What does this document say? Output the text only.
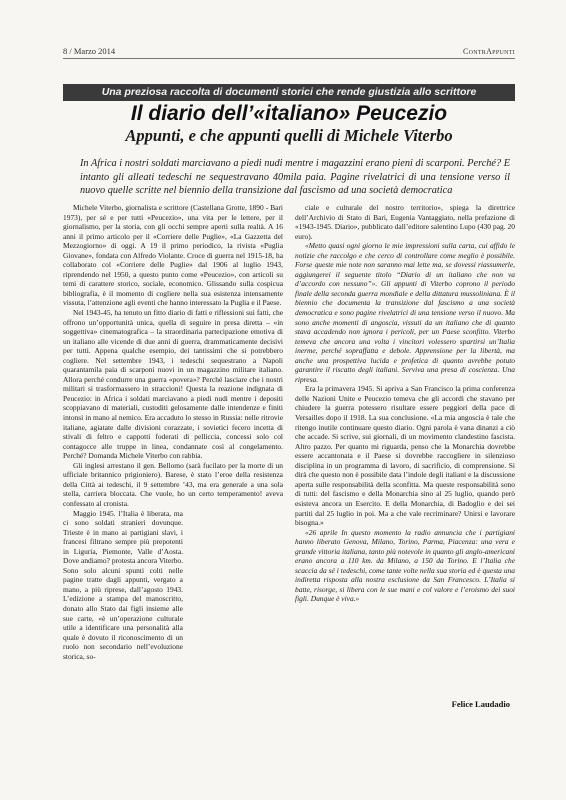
8 / Marzo 2014	ContrAppunti
Una preziosa raccolta di documenti storici che rende giustizia allo scrittore
Il diario dell’«italiano» Peucezio
Appunti, e che appunti quelli di Michele Viterbo
In Africa i nostri soldati marciavano a piedi nudi mentre i magazzini erano pieni di scarponi. Perché? E intanto gli alleati tedeschi ne sequestravano 40mila paia. Pagine rivelatrici di una tensione verso il nuovo quelle scritte nel biennio della transizione dal fascismo ad una società democratica

Michele Viterbo, giornalista e scrittore (Castellana Grotte, 1890 - Bari 1973), per sé e per tutti «Peucezio», una vita per le lettere, per il giornalismo, per la storia, con gli occhi sempre aperti sulla realtà. A 16 anni il primo articolo per il «Corriere delle Puglie», «La Gazzetta del Mezzogiorno» di oggi. A 19 il primo periodico, la rivista «Puglia Giovane», fondata con Alfredo Violante. Croce di guerra nel 1915-18, ha collaborato col «Corriere delle Puglie» dal 1906 al luglio 1943, riprendendo nel 1950, a questo punto come «Peucezio», con articoli su temi di carattere storico, sociale, economico. Glissando sulla cospicua bibliografia, è il momento di cogliere nella sua esistenza intensamente vissuta, l’attenzione agli eventi che hanno interessato la Puglia e il Paese.

Nel 1943-45, ha tenuto un fitto diario di fatti e riflessioni sui fatti, che offrono un’opportunità unica, quella di seguire in presa diretta – «in soggettiva» cinematografica – la straordinaria partecipazione emotiva di un italiano alle vicende di due anni di guerra, drammaticamente decisivi per tutti. Appena qualche esempio, dei tantissimi che si potrebbero cogliere. Nel settembre 1943, i tedeschi sequestrano a Napoli quarantamila paia di scarponi nuovi in un magazzino militare italiano. Allora perché condurre una guerra «povera»? Perché lasciare che i nostri militari si trasformassero in straccioni! Questa la reazione indignata di Peucezio: in Africa i soldati marciavano a piedi nudi mentre i depositi scoppiavano di materiali, custoditi gelosamente dalle intendenze e finiti intonsi in mano al nemico. Era accaduto lo stesso in Russia: nelle ritrovie italiane, agiatate dalle divisioni corazzate, i sovietici fecero incetta di stivali di feltro e cappotti foderati di pelliccia, concessi solo col contagocce alle truppe in linea, condannate così al congelamento. Perché? Domanda Michele Viterbo con rabbia.

Gli inglesi arrestano il gen. Bellomo (sarà fucilato per la morte di un ufficiale britannico prigioniero). Barese, è stato l’eroe della resistenza della Città ai tedeschi, il 9 settembre ’43, ma era generale a una sola stella, carriera bloccata. Che vuole, ho un certo temperamento! aveva confessato al cronista.

Maggio 1945. l’Italia è liberata, ma ci sono soldati stranieri dovunque. Trieste è in mano ai partigiani slavi, i francesi filtrano sempre più prepotenti in Liguria, Piemonte, Valle d’Aosta. Dove andiamo? protesta ancora Viterbo. Sono solo alcuni spunti colti nelle pagine tratte dagli appunti, vergato a mano, a più riprese, dall’agosto 1943. L’edizione a stampa del manoscritto, donato allo Stato dai figli insieme alle sue carte, «è un’operazione culturale utile a identificare una personalità alla quale è dovuto il riconoscimento di un ruolo non secondario nell’evoluzione storica, so-

ciale e culturale del nostro territorio», spiega la direttrice dell’Archivio di Stato di Bari, Eugenia Vantaggiato, nella prefazione di «1943-1945. Diario», pubblicato dall’editore salentino Lupo (430 pag. 20 euro).

«Metto quasi ogni giorno le mie impressioni sulla carta, cui affido le notizie che raccolgo e che cerco di controllare come meglio è possibile. Forse queste mie note non saranno mai lette ma, se dovessi riassumerle, aggiungerei il seguente titolo “Diario di un italiano che non va d’accordo con nessuno”». Gli appunti di Viterbo coprono il periodo finale della seconda guerra mondiale e della dittatura mussoliniana. È il biennio che documenta la transizione dal fascismo a una società democratica e sono pagine rivelatrici di una tensione verso il nuovo. Ma sono anche momenti di angoscia, vissuti da un italiano che di quanto stava accadendo non ignora i pericoli, per un Paese sconfitto. Viterbo temeva che ancora una volta i vincitori volessero spartirsi un’Italia inerme, perché sopraffatta e debole. Apprensione per la libertà, ma anche una prospettiva lucida e profetica di quanto avrebbe potuto garantire il riscatto degli italiani. Serviva una presa di coscienza. Una ripresa.

Era la primavera 1945. Si apriva a San Francisco la prima conferenza delle Nazioni Unite e Peucezio temeva che gli accordi che stavano per chiudere la guerra potessero risultare essere peggiori della pace di Versailles dopo il 1918. La sua conclusione. «La mia angoscia è tale che ritengo inutile continuare questo diario. Ogni parola è vana dinanzi a ciò che accade. Si scrive, sui giornali, di un movimento clandestino fascista. Altro pazzo. Per quanto mi riguarda, penso che la Monarchia dovrebbe essere accantonata e il Paese si dovrebbe raccogliere in silenzioso disciplina in un programma di lavoro, di sacrificio, di comprensione. Si dirà che questo non è possibile data l’indole degli italiani e la discussione aperta sulle responsabilità della sconfitta. Ma queste responsabilità sono di tutti: del fascismo e della Monarchia sino al 25 luglio, quando però esisteva ancora un Esercito. E della Monarchia, di Badoglio e dei sei partiti dal 25 luglio in poi. Ma a che vale recriminare? Unirsi e lavorare bisogna.»

«26 aprile In questo momento la radio annuncia che i partigiani hanno liberato Genova, Milano, Torino, Parma, Piacenza: una vera e grande vittoria italiana, tanto più notevole in quanto gli anglo-americani erano ancora a 110 km. da Milano, a 150 da Torino. E l’Italia che scaccia da sé i tedeschi, come tante volte nella sua storia ed è questa una indiretta risposta alla nostra esclusione da San Francesco. L’Italia si batte, risorge, si libera con le sue mani e col valore e l’eroismo dei suoi figli. Dunque è viva.»

Felice Laudadio
